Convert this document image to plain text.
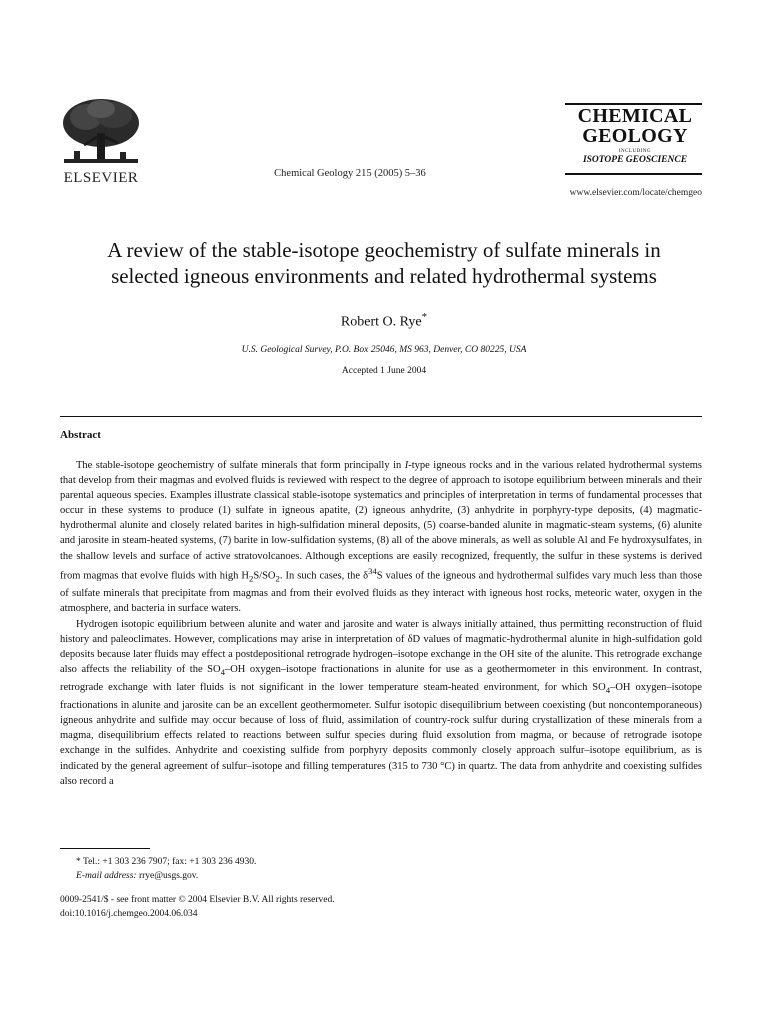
ELSEVIER	Chemical Geology 215 (2005) 5–36
CHEMICAL
GEOLOGY
INCLUDING
ISOTOPE GEOSCIENCE
www.elsevier.com/locate/chemgeo
A review of the stable-isotope geochemistry of sulfate minerals in
selected igneous environments and related hydrothermal systems
Robert O. Rye*
U.S. Geological Survey, P.O. Box 25046, MS 963, Denver, CO 80225, USA
Accepted 1 June 2004
Abstract

The stable-isotope geochemistry of sulfate minerals that form principally in I-type igneous rocks and in the various related hydrothermal systems that develop from their magmas and evolved fluids is reviewed with respect to the degree of approach to isotope equilibrium between minerals and their parental aqueous species. Examples illustrate classical stable-isotope systematics and principles of interpretation in terms of fundamental processes that occur in these systems to produce (1) sulfate in igneous apatite, (2) igneous anhydrite, (3) anhydrite in porphyry-type deposits, (4) magmatic-hydrothermal alunite and closely related barites in high-sulfidation mineral deposits, (5) coarse-banded alunite in magmatic-steam systems, (6) alunite and jarosite in steam-heated systems, (7) barite in low-sulfidation systems, (8) all of the above minerals, as well as soluble Al and Fe hydroxysulfates, in the shallow levels and surface of active stratovolcanoes. Although exceptions are easily recognized, frequently, the sulfur in these systems is derived from magmas that evolve fluids with high $H_2S/SO_2$. In such cases, the $\delta^{34}S$ values of the igneous and hydrothermal sulfides vary much less than those of sulfate minerals that precipitate from magmas and from their evolved fluids as they interact with igneous host rocks, meteoric water, oxygen in the atmosphere, and bacteria in surface waters.

Hydrogen isotopic equilibrium between alunite and water and jarosite and water is always initially attained, thus permitting reconstruction of fluid history and paleoclimates. However, complications may arise in interpretation of δD values of magmatic-hydrothermal alunite in high-sulfidation gold deposits because later fluids may effect a postdepositional retrograde hydrogen–isotope exchange in the OH site of the alunite. This retrograde exchange also affects the reliability of the $SO_4-OH$ oxygen–isotope fractionations in alunite for use as a geothermometer in this environment. In contrast, retrograde exchange with later fluids is not significant in the lower temperature steam-heated environment, for which $SO_4-OH$ oxygen–isotope fractionations in alunite and jarosite can be an excellent geothermometer. Sulfur isotopic disequilibrium between coexisting (but noncontemporaneous) igneous anhydrite and sulfide may occur because of loss of fluid, assimilation of country-rock sulfur during crystallization of these minerals from a magma, disequilibrium effects related to reactions between sulfur species during fluid exsolution from magma, or because of retrograde isotope exchange in the sulfides. Anhydrite and coexisting sulfide from porphyry deposits commonly closely approach sulfur–isotope equilibrium, as is indicated by the general agreement of sulfur–isotope and filling temperatures (315 to 730 °C) in quartz. The data from anhydrite and coexisting sulfides also record a

* Tel.: +1 303 236 7907; fax: +1 303 236 4930.
E-mail address: rrye@usgs.gov.
0009-2541/$ - see front matter © 2004 Elsevier B.V. All rights reserved.
doi:10.1016/j.chemgeo.2004.06.034
